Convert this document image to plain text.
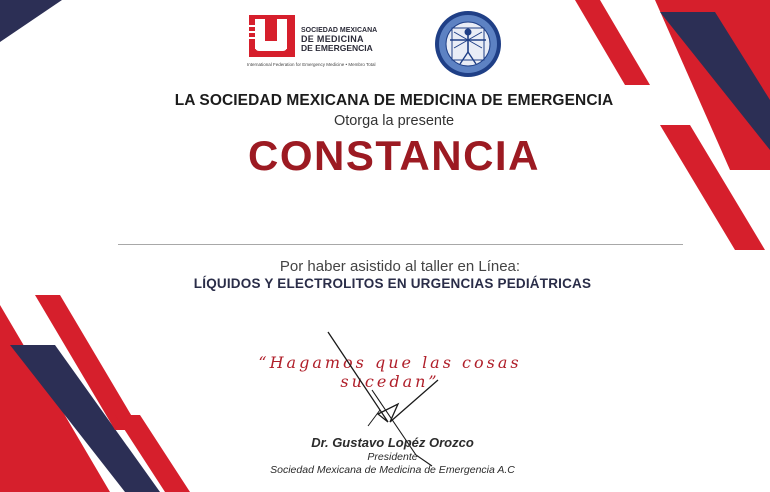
SOCIEDAD MEXICANA
DE MEDICINA
DE EMERGENCIA
International Federation for Emergency Medicine • Membro Total
LA SOCIEDAD MEXICANA DE MEDICINA DE EMERGENCIA
Otorga la presente
CONSTANCIA
Por haber asistido al taller en Línea:
LÍQUIDOS Y ELECTROLITOS EN URGENCIAS PEDIÁTRICAS
“Hagamos que las cosas sucedan”
Dr. Gustavo Lopéz Orozco
Presidente
Sociedad Mexicana de Medicina de Emergencia A.C
